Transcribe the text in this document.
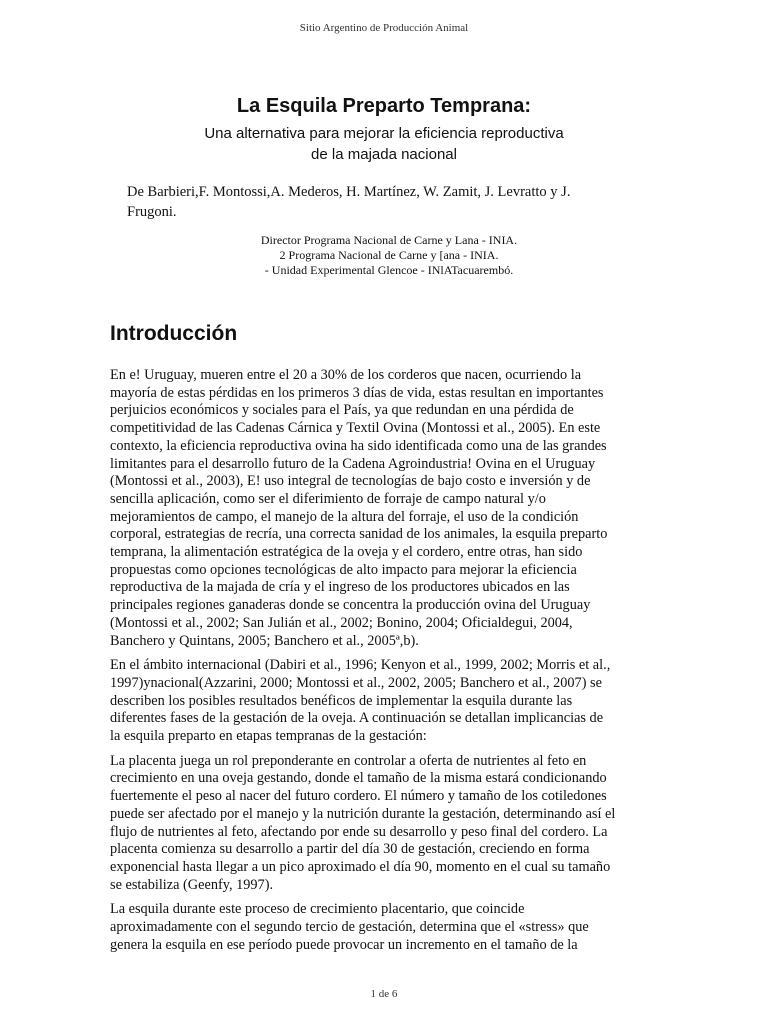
Sitio Argentino de Producción Animal
La Esquila Preparto Temprana:
Una alternativa para mejorar la eficiencia reproductiva
de la majada nacional
De Barbieri,F. Montossi,A. Mederos, H. Martínez, W. Zamit, J. Levratto y J.
Frugoni.
Director Programa Nacional de Carne y Lana - INIA.
2 Programa Nacional de Carne y [ana - INIA.
- Unidad Experimental Glencoe - INlATacuarembó.
Introducción

En e! Uruguay, mueren entre el 20 a 30% de los corderos que nacen, ocurriendo la
mayoría de estas pérdidas en los primeros 3 días de vida, estas resultan en importantes
perjuicios económicos y sociales para el País, ya que redundan en una pérdida de
competitividad de las Cadenas Cárnica y Textil Ovina (Montossi et al., 2005). En este
contexto, la eficiencia reproductiva ovina ha sido identificada como una de las grandes
limitantes para el desarrollo futuro de la Cadena Agroindustria! Ovina en el Uruguay
(Montossi et al., 2003), E! uso integral de tecnologías de bajo costo e inversión y de
sencilla aplicación, como ser el diferimiento de forraje de campo natural y/o
mejoramientos de campo, el manejo de la altura del forraje, el uso de la condición
corporal, estrategias de recría, una correcta sanidad de los animales, la esquila preparto
temprana, la alimentación estratégica de la oveja y el cordero, entre otras, han sido
propuestas como opciones tecnológicas de alto impacto para mejorar la eficiencia
reproductiva de la majada de cría y el ingreso de los productores ubicados en las
principales regiones ganaderas donde se concentra la producción ovina del Uruguay
(Montossi et al., 2002; San Julián et al., 2002; Bonino, 2004; Oficialdegui, 2004,
Banchero y Quintans, 2005; Banchero et al., 2005ª,b).

En el ámbito internacional (Dabiri et al., 1996; Kenyon et al., 1999, 2002; Morris et al.,
1997)ynacional(Azzarini, 2000; Montossi et al., 2002, 2005; Banchero et al., 2007) se
describen los posibles resultados benéficos de implementar la esquila durante las
diferentes fases de la gestación de la oveja. A continuación se detallan implicancias de
la esquila preparto en etapas tempranas de la gestación:

La placenta juega un rol preponderante en controlar a oferta de nutrientes al feto en
crecimiento en una oveja gestando, donde el tamaño de la misma estará condicionando
fuertemente el peso al nacer del futuro cordero. El número y tamaño de los cotiledones
puede ser afectado por el manejo y la nutrición durante la gestación, determinando así el
flujo de nutrientes al feto, afectando por ende su desarrollo y peso final del cordero. La
placenta comienza su desarrollo a partir del día 30 de gestación, creciendo en forma
exponencial hasta llegar a un pico aproximado el día 90, momento en el cual su tamaño
se estabiliza (Geenfy, 1997).

La esquila durante este proceso de crecimiento placentario, que coincide
aproximadamente con el segundo tercio de gestación, determina que el «stress» que
genera la esquila en ese período puede provocar un incremento en el tamaño de la

1 de 6
